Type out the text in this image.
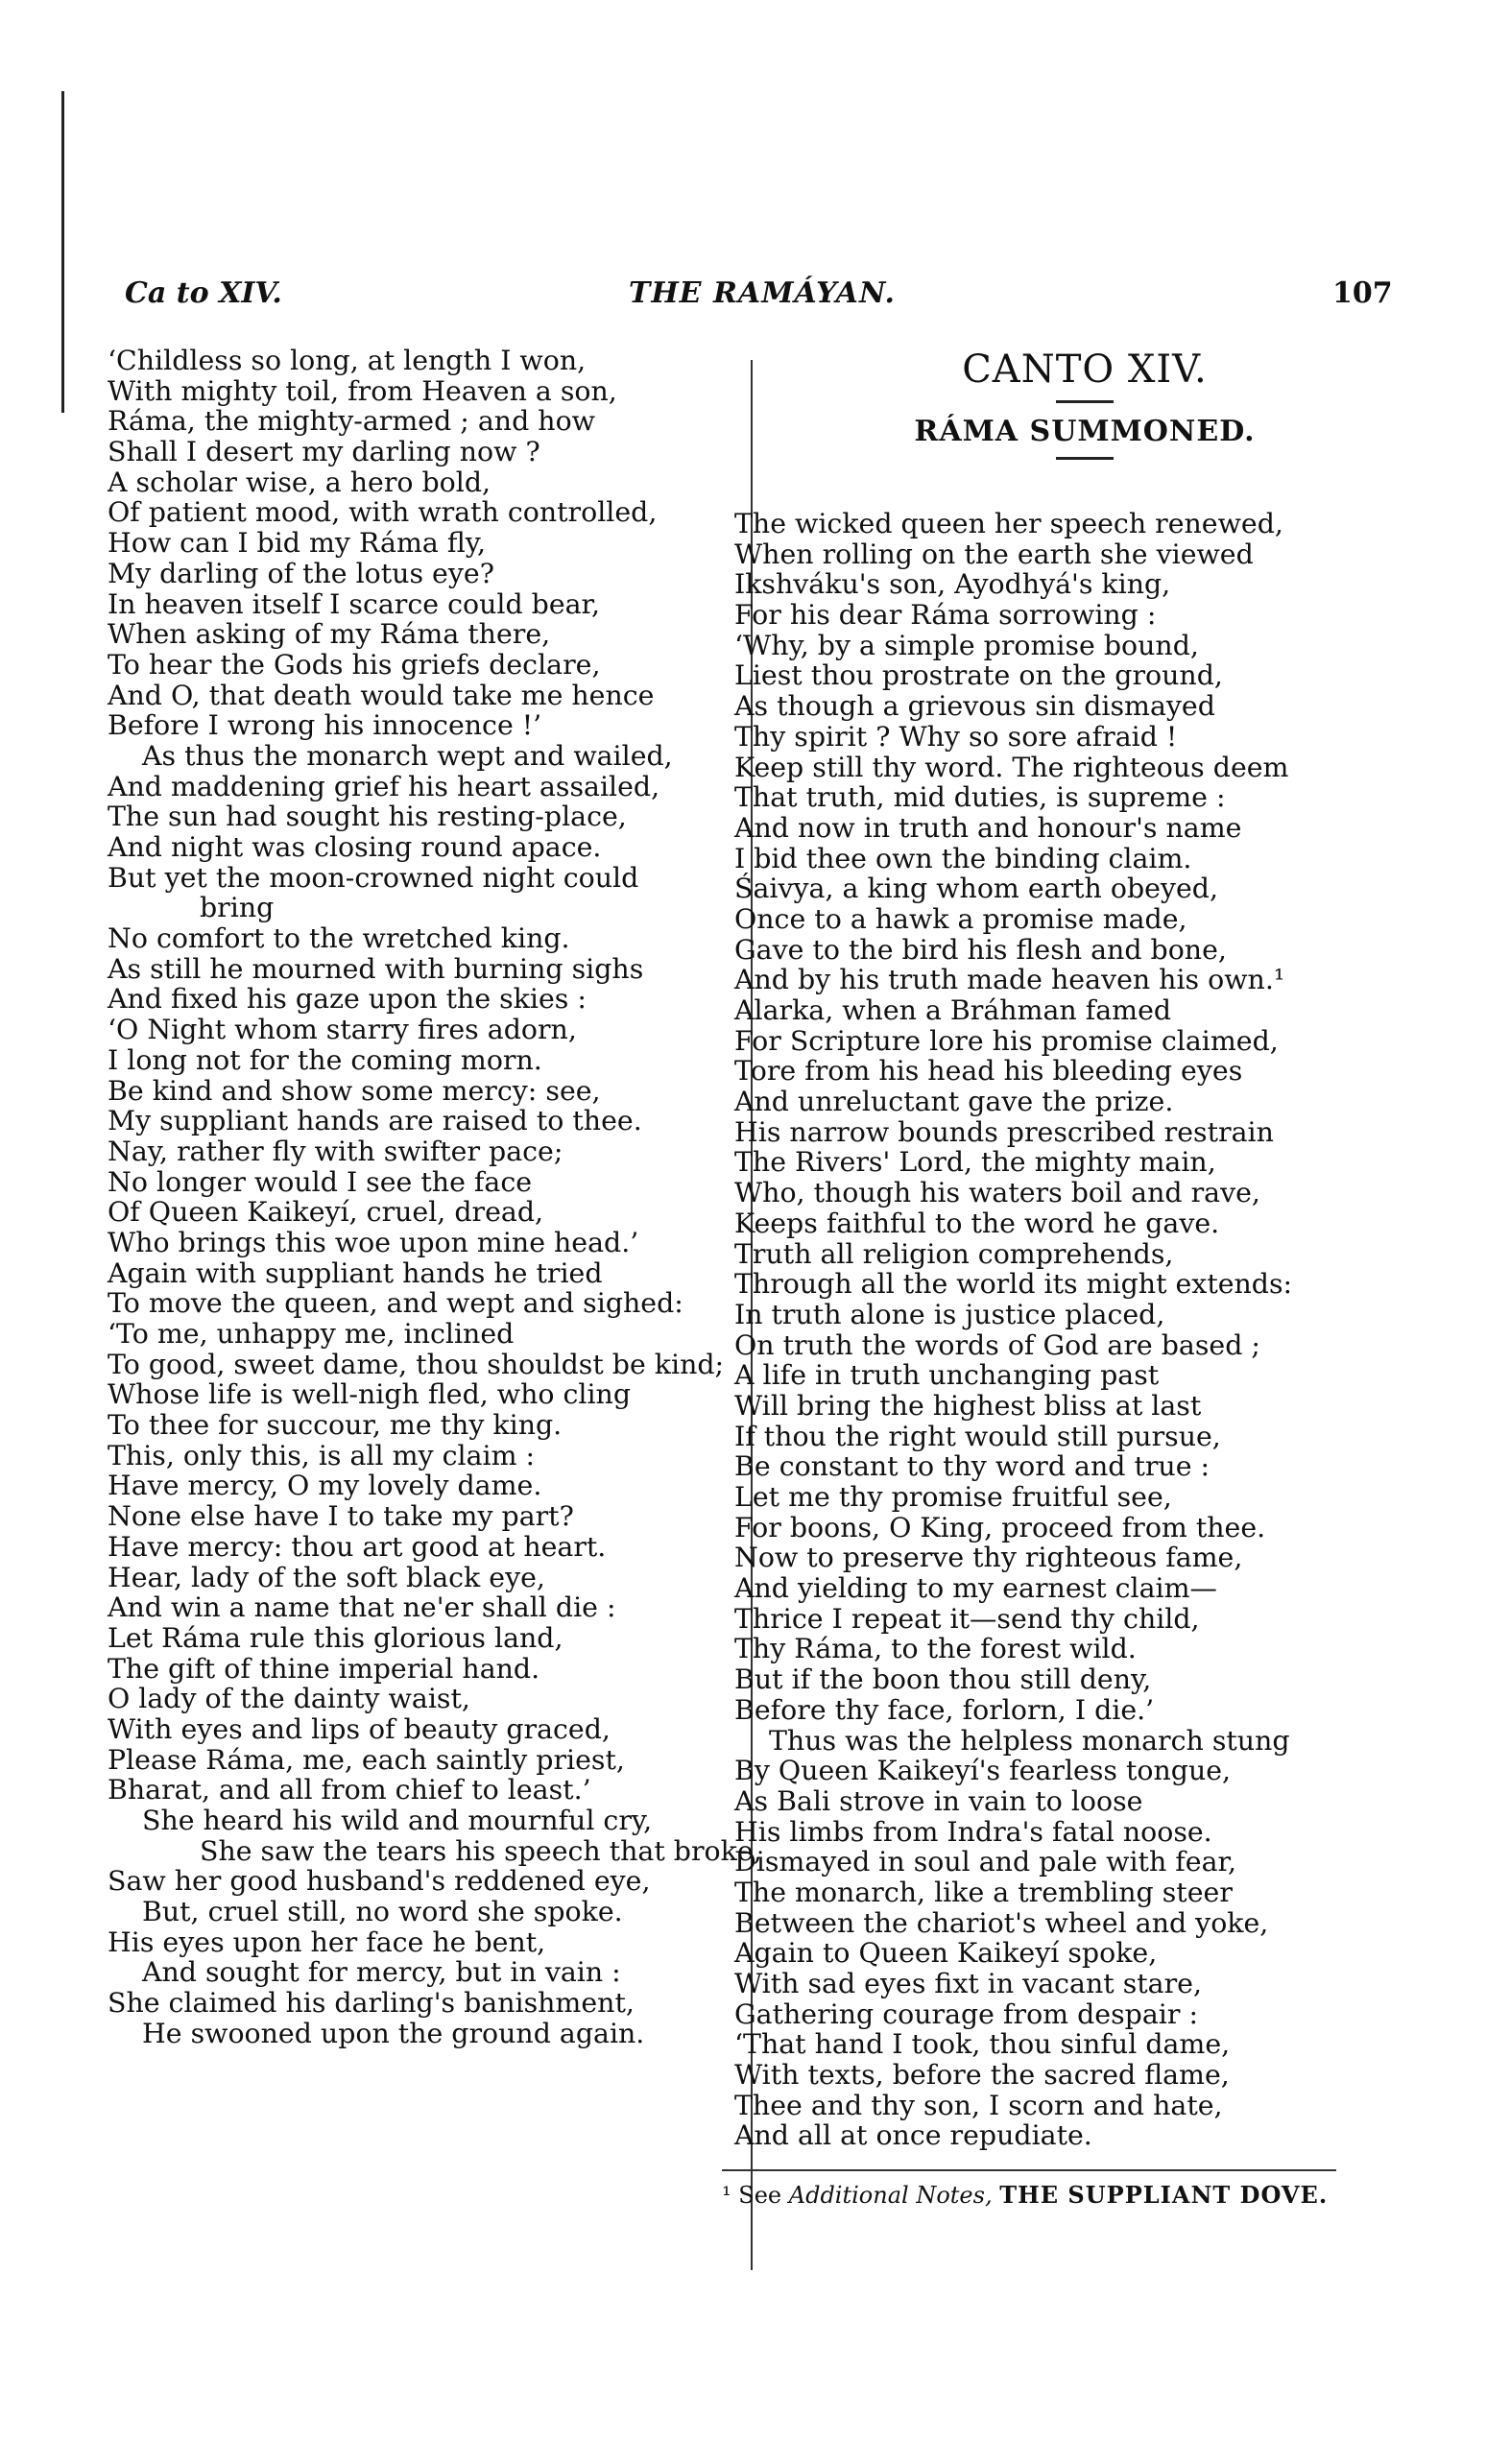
Ca to XIV.	THE RAMÁYAN.	107
‘Childless so long, at length I won,
With mighty toil, from Heaven a son,
Ráma, the mighty-armed ; and how
Shall I desert my darling now ?
A scholar wise, a hero bold,
Of patient mood, with wrath controlled,
How can I bid my Ráma fly,
My darling of the lotus eye?
In heaven itself I scarce could bear,
When asking of my Ráma there,
To hear the Gods his griefs declare,
And O, that death would take me hence
Before I wrong his innocence !’
As thus the monarch wept and wailed,
And maddening grief his heart assailed,
The sun had sought his resting-place,
And night was closing round apace.
But yet the moon-crowned night could
bring
No comfort to the wretched king.
As still he mourned with burning sighs
And fixed his gaze upon the skies :
‘O Night whom starry fires adorn,
I long not for the coming morn.
Be kind and show some mercy: see,
My suppliant hands are raised to thee.
Nay, rather fly with swifter pace;
No longer would I see the face
Of Queen Kaikeyí, cruel, dread,
Who brings this woe upon mine head.’
Again with suppliant hands he tried
To move the queen, and wept and sighed:
‘To me, unhappy me, inclined
To good, sweet dame, thou shouldst be kind;
Whose life is well-nigh fled, who cling
To thee for succour, me thy king.
This, only this, is all my claim :
Have mercy, O my lovely dame.
None else have I to take my part?
Have mercy: thou art good at heart.
Hear, lady of the soft black eye,
And win a name that ne'er shall die :
Let Ráma rule this glorious land,
The gift of thine imperial hand.
O lady of the dainty waist,
With eyes and lips of beauty graced,
Please Ráma, me, each saintly priest,
Bharat, and all from chief to least.’
She heard his wild and mournful cry,
She saw the tears his speech that broke,
Saw her good husband's reddened eye,
But, cruel still, no word she spoke.
His eyes upon her face he bent,
And sought for mercy, but in vain :
She claimed his darling's banishment,
He swooned upon the ground again.
CANTO XIV.
RÁMA SUMMONED.
The wicked queen her speech renewed,
When rolling on the earth she viewed
Ikshváku's son, Ayodhyá's king,
For his dear Ráma sorrowing :
‘Why, by a simple promise bound,
Liest thou prostrate on the ground,
As though a grievous sin dismayed
Thy spirit ? Why so sore afraid !
Keep still thy word. The righteous deem
That truth, mid duties, is supreme :
And now in truth and honour's name
I bid thee own the binding claim.
Śaivya, a king whom earth obeyed,
Once to a hawk a promise made,
Gave to the bird his flesh and bone,
And by his truth made heaven his own.¹
Alarka, when a Bráhman famed
For Scripture lore his promise claimed,
Tore from his head his bleeding eyes
And unreluctant gave the prize.
His narrow bounds prescribed restrain
The Rivers' Lord, the mighty main,
Who, though his waters boil and rave,
Keeps faithful to the word he gave.
Truth all religion comprehends,
Through all the world its might extends:
In truth alone is justice placed,
On truth the words of God are based ;
A life in truth unchanging past
Will bring the highest bliss at last
If thou the right would still pursue,
Be constant to thy word and true :
Let me thy promise fruitful see,
For boons, O King, proceed from thee.
Now to preserve thy righteous fame,
And yielding to my earnest claim—
Thrice I repeat it—send thy child,
Thy Ráma, to the forest wild.
But if the boon thou still deny,
Before thy face, forlorn, I die.’
Thus was the helpless monarch stung
By Queen Kaikeyí's fearless tongue,
As Bali strove in vain to loose
His limbs from Indra's fatal noose.
Dismayed in soul and pale with fear,
The monarch, like a trembling steer
Between the chariot's wheel and yoke,
Again to Queen Kaikeyí spoke,
With sad eyes fixt in vacant stare,
Gathering courage from despair :
‘That hand I took, thou sinful dame,
With texts, before the sacred flame,
Thee and thy son, I scorn and hate,
And all at once repudiate.
¹ See Additional Notes, THE SUPPLIANT DOVE.
